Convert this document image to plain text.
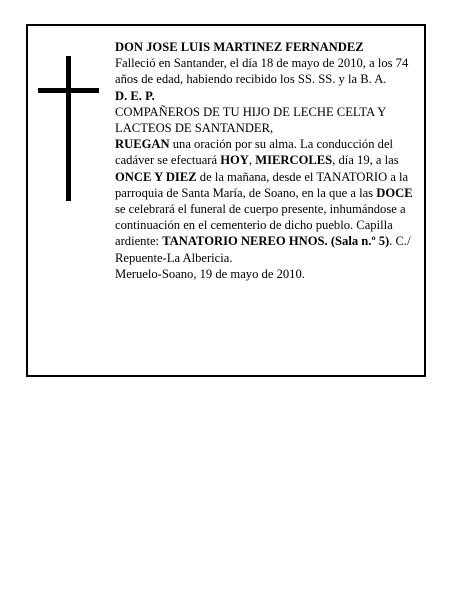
DON JOSE LUIS MARTINEZ FERNANDEZ

Falleció en Santander, el día 18 de mayo de 2010, a los 74 años de edad, habiendo recibido los SS. SS. y la B. A.

D. E. P.

COMPAÑEROS DE TU HIJO DE LECHE CELTA Y LACTEOS DE SANTANDER,

RUEGAN una oración por su alma. La conducción del cadáver se efectuará HOY, MIERCOLES, día 19, a las ONCE Y DIEZ de la mañana, desde el TANATORIO a la parroquia de Santa María, de Soano, en la que a las DOCE se celebrará el funeral de cuerpo presente, inhumándose a continuación en el cementerio de dicho pueblo. Capilla ardiente: TANATORIO NEREO HNOS. (Sala n.º 5). C./ Repuente-La Albericia.

Meruelo-Soano, 19 de mayo de 2010.
